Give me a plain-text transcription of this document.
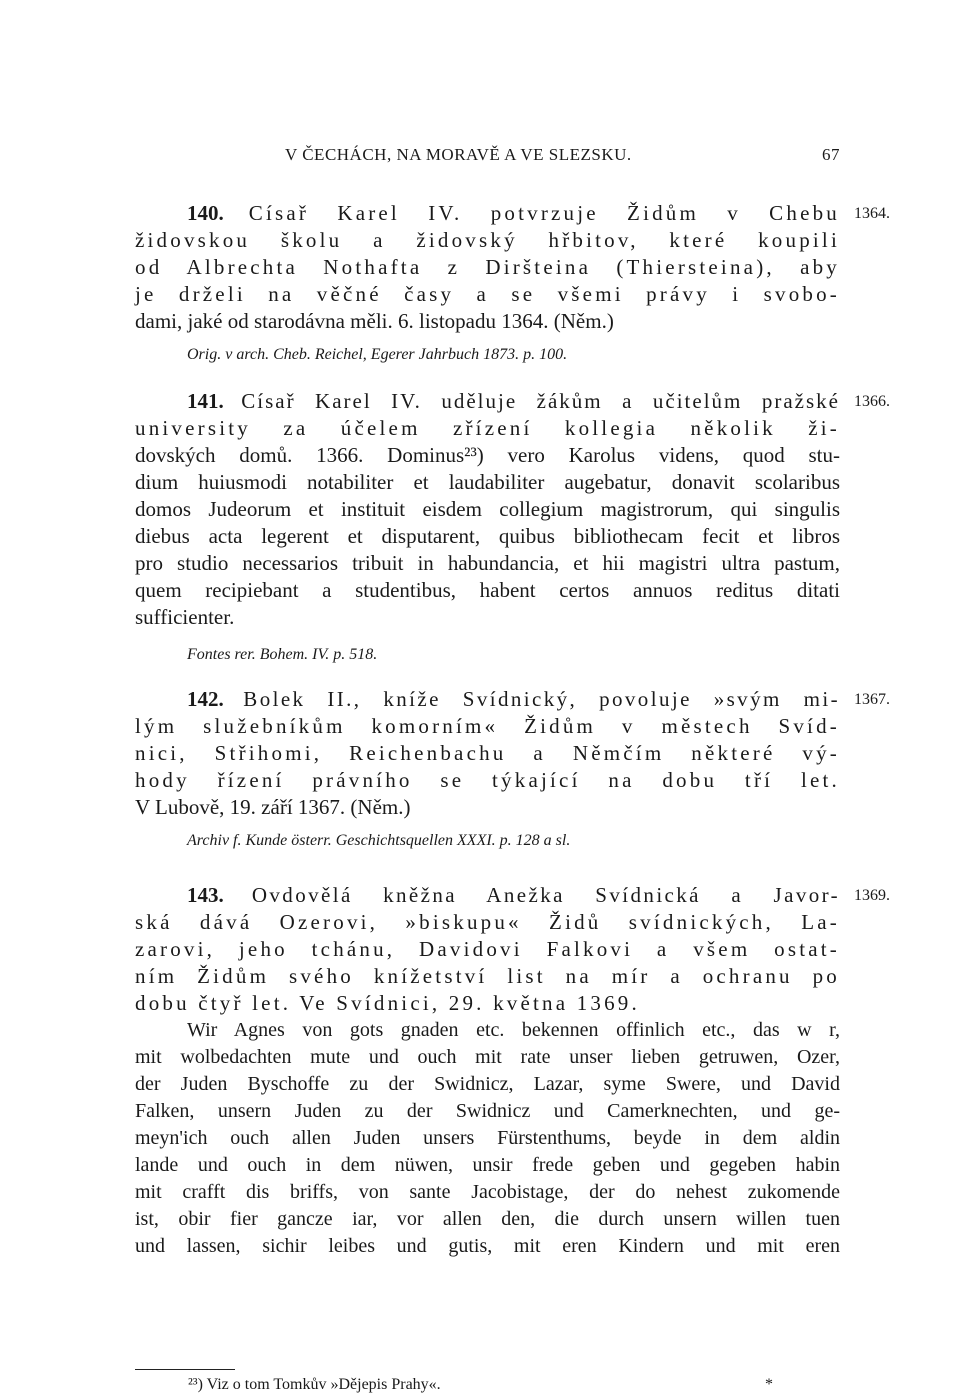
V ČECHÁCH, NA MORAVĚ A VE SLEZSKU.	67
1364.
140. Císař Karel IV. potvrzuje Židům v Chebu
židovskou školu a židovský hřbitov, které koupili
od Albrechta Nothafta z Diršteina (Thiersteina), aby
je drželi na věčné časy a se všemi právy i svobo-
dami, jaké od starodávna měli. 6. listopadu 1364. (Něm.)
Orig. v arch. Cheb. Reichel, Egerer Jahrbuch 1873. p. 100.
1366.
141. Císař Karel IV. uděluje žákům a učitelům pražské
university za účelem zřízení kollegia několik ži-
dovských domů. 1366. Dominus²³) vero Karolus videns, quod stu-
dium huiusmodi notabiliter et laudabiliter augebatur, donavit scolaribus
domos Judeorum et instituit eisdem collegium magistrorum, qui singulis
diebus acta legerent et disputarent, quibus bibliothecam fecit et libros
pro studio necessarios tribuit in habundancia, et hii magistri ultra pastum,
quem recipiebant a studentibus, habent certos annuos reditus ditati
sufficienter.
Fontes rer. Bohem. IV. p. 518.
1367.
142. Bolek II., kníže Svídnický, povoluje »svým mi-
lým služebníkům komorním« Židům v městech Svíd-
nici, Střihomi, Reichenbachu a Němčím některé vý-
hody řízení právního se týkající na dobu tří let.
V Lubově, 19. září 1367. (Něm.)
Archiv f. Kunde österr. Geschichtsquellen XXXI. p. 128 a sl.
1369.
143. Ovdovělá kněžna Anežka Svídnická a Javor-
ská dává Ozerovi, »biskupu« Židů svídnických, La-
zarovi, jeho tchánu, Davidovi Falkovi a všem ostat-
ním Židům svého knížetství list na mír a ochranu po
dobu čtyř let. Ve Svídnici, 29. května 1369.
Wir Agnes von gots gnaden etc. bekennen offinlich etc., das w r,
mit wolbedachten mute und ouch mit rate unser lieben getruwen, Ozer,
der Juden Byschoffe zu der Swidnicz, Lazar, syme Swere, und David
Falken, unsern Juden zu der Swidnicz und Camerknechten, und ge-
meyn'ich ouch allen Juden unsers Fürstenthums, beyde in dem aldin
lande und ouch in dem nüwen, unsir frede geben und gegeben habin
mit crafft dis briffs, von sante Jacobistage, der do nehest zukomende
ist, obir fier gancze iar, vor allen den, die durch unsern willen tuen
und lassen, sichir leibes und gutis, mit eren Kindern und mit eren
²³) Viz o tom Tomkův »Dějepis Prahy«.	*
